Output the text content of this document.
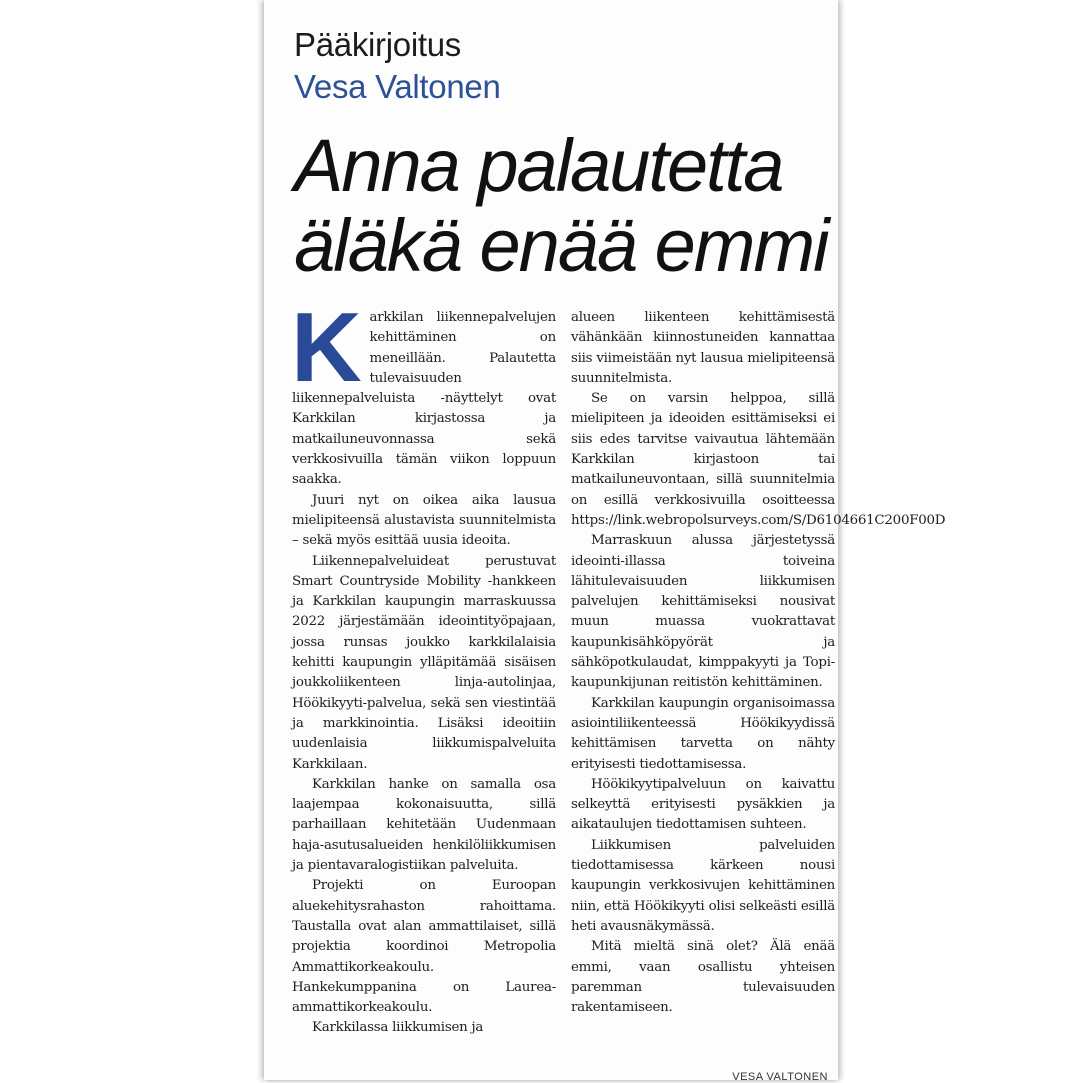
Pääkirjoitus
Vesa Valtonen
Anna palautetta
äläkä enää emmi

Karkkilan liikennepalvelujen kehittäminen on meneillään. Palautetta tulevaisuuden liikennepalveluista -näyttelyt ovat Karkkilan kirjastossa ja matkailuneuvonnassa sekä verkkosivuilla tämän viikon loppuun saakka.

Juuri nyt on oikea aika lausua mielipiteensä alustavista suunnitelmista – sekä myös esittää uusia ideoita.

Liikennepalveluideat perustuvat Smart Countryside Mobility -hankkeen ja Karkkilan kaupungin marraskuussa 2022 järjestämään ideointityöpajaan, jossa runsas joukko karkkilalaisia kehitti kaupungin ylläpitämää sisäisen joukkoliikenteen linja-autolinjaa, Höökikyyti-palvelua, sekä sen viestintää ja markkinointia. Lisäksi ideoitiin uudenlaisia liikkumispalveluita Karkkilaan.

Karkkilan hanke on samalla osa laajempaa kokonaisuutta, sillä parhaillaan kehitetään Uudenmaan haja-asutusalueiden henkilöliikkumisen ja pientavaralogistiikan palveluita.

Projekti on Euroopan aluekehitysrahaston rahoittama. Taustalla ovat alan ammattilaiset, sillä projektia koordinoi Metropolia Ammattikorkeakoulu. Hankekumppanina on Laurea-ammattikorkeakoulu.

Karkkilassa liikkumisen ja

alueen liikenteen kehittämisestä vähänkään kiinnostuneiden kannattaa siis viimeistään nyt lausua mielipiteensä suunnitelmista.

Se on varsin helppoa, sillä mielipiteen ja ideoiden esittämiseksi ei siis edes tarvitse vaivautua lähtemään Karkkilan kirjastoon tai matkailuneuvontaan, sillä suunnitelmia on esillä verkkosivuilla osoitteessa https://link.webropolsurveys.com/S/D6104661C200F00D

Marraskuun alussa järjestetyssä ideointi-illassa toiveina lähitulevaisuuden liikkumisen palvelujen kehittämiseksi nousivat muun muassa vuokrattavat kaupunkisähköpyörät ja sähköpotkulaudat, kimppakyyti ja Topi-kaupunkijunan reitistön kehittäminen.

Karkkilan kaupungin organisoimassa asiointiliikenteessä Höökikyydissä kehittämisen tarvetta on nähty erityisesti tiedottamisessa.

Höökikyytipalveluun on kaivattu selkeyttä erityisesti pysäkkien ja aikataulujen tiedottamisen suhteen.

Liikkumisen palveluiden tiedottamisessa kärkeen nousi kaupungin verkkosivujen kehittäminen niin, että Höökikyyti olisi selkeästi esillä heti avausnäkymässä.

Mitä mieltä sinä olet? Älä enää emmi, vaan osallistu yhteisen paremman tulevaisuuden rakentamiseen.

VESA VALTONEN
